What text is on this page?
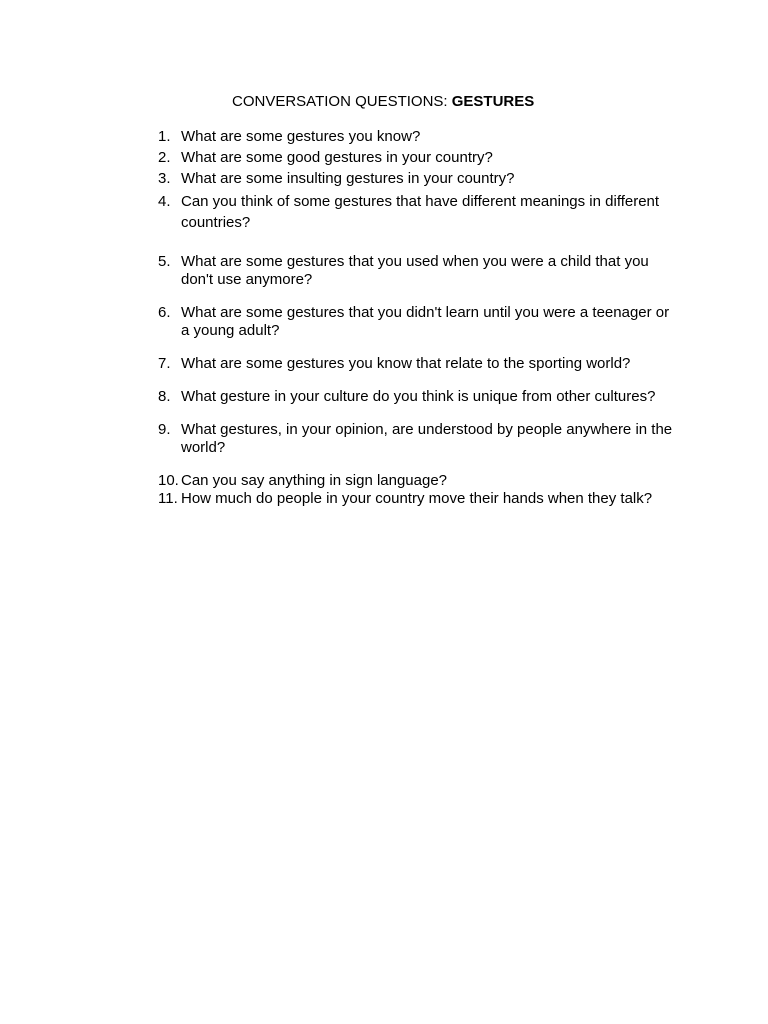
CONVERSATION QUESTIONS: GESTURES
1. What are some gestures you know?
2. What are some good gestures in your country?
3. What are some insulting gestures in your country?
4. Can you think of some gestures that have different meanings in different countries?
5. What are some gestures that you used when you were a child that you don't use anymore?
6. What are some gestures that you didn't learn until you were a teenager or a young adult?
7. What are some gestures you know that relate to the sporting world?
8. What gesture in your culture do you think is unique from other cultures?
9. What gestures, in your opinion, are understood by people anywhere in the world?
10. Can you say anything in sign language?
11. How much do people in your country move their hands when they talk?
